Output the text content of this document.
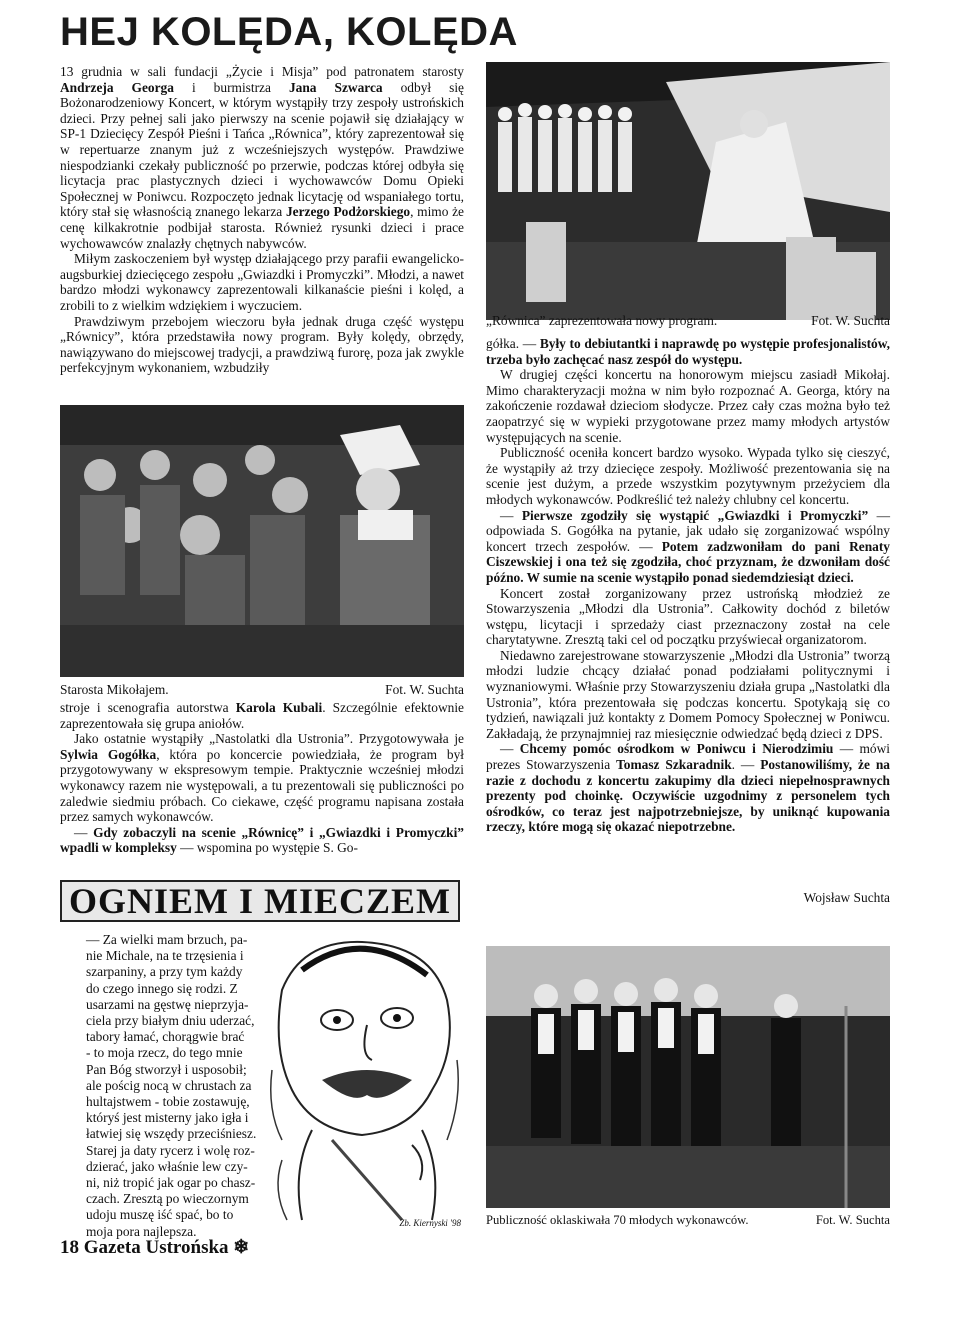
HEJ KOLĘDA, KOLĘDA

13 grudnia w sali fundacji „Życie i Misja” pod patronatem starosty Andrzeja Georga i burmistrza Jana Szwarca odbył się Bożonarodzeniowy Koncert, w którym wystąpiły trzy zespoły ustrońskich dzieci. Przy pełnej sali jako pierwszy na scenie pojawił się działający w SP-1 Dziecięcy Zespół Pieśni i Tańca „Równica”, który zaprezentował się w repertuarze znanym już z wcześniejszych występów. Prawdziwe niespodzianki czekały publiczność po przerwie, podczas której odbyła się licytacja prac plastycznych dzieci i wychowawców Domu Opieki Społecznej w Poniwcu. Rozpoczęto jednak licytację od wspaniałego tortu, który stał się własnością znanego lekarza Jerzego Podżorskiego, mimo że cenę kilkakrotnie podbijał starosta. Również rysunki dzieci i prace wychowawców znalazły chętnych nabywców.

Miłym zaskoczeniem był występ działającego przy parafii ewangelicko-augsburkiej dziecięcego zespołu „Gwiazdki i Promyczki”. Młodzi, a nawet bardzo młodzi wykonawcy zaprezentowali kilkanaście pieśni i kolęd, a zrobili to z wielkim wdziękiem i wyczuciem.

Prawdziwym przebojem wieczoru była jednak druga część występu „Równicy”, która przedstawiła nowy program. Były kolędy, obrzędy, nawiązywano do miejscowej tradycji, a prawdziwą furorę, poza jak zwykle perfekcyjnym wykonaniem, wzbudziły

„Równica” zaprezentowała nowy program.	Fot. W. Suchta

gółka. — Były to debiutantki i naprawdę po występie profesjonalistów, trzeba było zachęcać nasz zespół do występu.

W drugiej części koncertu na honorowym miejscu zasiadł Mikołaj. Mimo charakteryzacji można w nim było rozpoznać A. Georga, który na zakończenie rozdawał dzieciom słodycze. Przez cały czas można było też zaopatrzyć się w wypieki przygotowane przez mamy młodych artystów występujących na scenie.

Publiczność oceniła koncert bardzo wysoko. Wypada tylko się cieszyć, że wystąpiły aż trzy dziecięce zespoły. Możliwość prezentowania się na scenie jest dużym, a przede wszystkim pozytywnym przeżyciem dla młodych wykonawców. Podkreślić też należy chlubny cel koncertu.

— Pierwsze zgodziły się wystąpić „Gwiazdki i Promyczki” — odpowiada S. Gogółka na pytanie, jak udało się zorganizować wspólny koncert trzech zespołów. — Potem zadzwoniłam do pani Renaty Ciszewskiej i ona też się zgodziła, choć przyznam, że dzwoniłam dość późno. W sumie na scenie wystąpiło ponad siedemdziesiąt dzieci.

Koncert został zorganizowany przez ustrońską młodzież ze Stowarzyszenia „Młodzi dla Ustronia”. Całkowity dochód z biletów wstępu, licytacji i sprzedaży ciast przeznaczony został na cele charytatywne. Zresztą taki cel od początku przyświecał organizatorom.

Niedawno zarejestrowane stowarzyszenie „Młodzi dla Ustronia” tworzą młodzi ludzie chcący działać ponad podziałami politycznymi i wyznaniowymi. Właśnie przy Stowarzyszeniu działa grupa „Nastolatki dla Ustronia”, która prezentowała się podczas koncertu. Spotykają się co tydzień, nawiązali już kontakty z Domem Pomocy Społecznej w Poniwcu. Zakładają, że przynajmniej raz miesięcznie odwiedzać będą dzieci z DPS.

— Chcemy pomóc ośrodkom w Poniwcu i Nierodzimiu — mówi prezes Stowarzyszenia Tomasz Szkaradnik. — Postanowiliśmy, że na razie z dochodu z koncertu zakupimy dla dzieci niepełnosprawnych prezenty pod choinkę. Oczywiście uzgodnimy z personelem tych ośrodków, co teraz jest najpotrzebniejsze, by uniknąć kupowania rzeczy, które mogą się okazać niepotrzebne.

Wojsław Suchta
Starosta Mikołajem.	Fot. W. Suchta

stroje i scenografia autorstwa Karola Kubali. Szczególnie efektownie zaprezentowała się grupa aniołów.

Jako ostatnie wystąpiły „Nastolatki dla Ustronia”. Przygotowywała je Sylwia Gogółka, która po koncercie powiedziała, że program był przygotowywany w ekspresowym tempie. Praktycznie wcześniej młodzi wykonawcy razem nie występowali, a tu prezentowali się publiczności po zaledwie siedmiu próbach. Co ciekawe, część programu napisana została przez samych wykonawców.

— Gdy zobaczyli na scenie „Równicę” i „Gwiazdki i Promyczki” wpadli w kompleksy — wspomina po występie S. Go-

OGNIEM I MIECZEM
— Za wielki mam brzuch, pa-
nie Michale, na te trzęsienia i
szarpaniny, a przy tym każdy
do czego innego się rodzi. Z
usarzami na gęstwę nieprzyja-
ciela przy białym dniu uderzać,
tabory łamać, chorągwie brać
- to moja rzecz, do tego mnie
Pan Bóg stworzył i usposobił;
ale pościg nocą w chrustach za
hultajstwem - tobie zostawuję,
któryś jest misterny jako igła i
łatwiej się wszędy przeciśniesz.
Starej ja daty rycerz i wolę roz-
dzierać, jako właśnie lew czy-
ni, niż tropić jak ogar po chasz-
czach. Zresztą po wieczornym
udoju muszę iść spać, bo to
moja pora najlepsza.
Zb. Kiernyski '98 Publiczność oklaskiwała 70 młodych wykonawców.	Fot. W. Suchta
18 Gazeta Ustrońska ❄
